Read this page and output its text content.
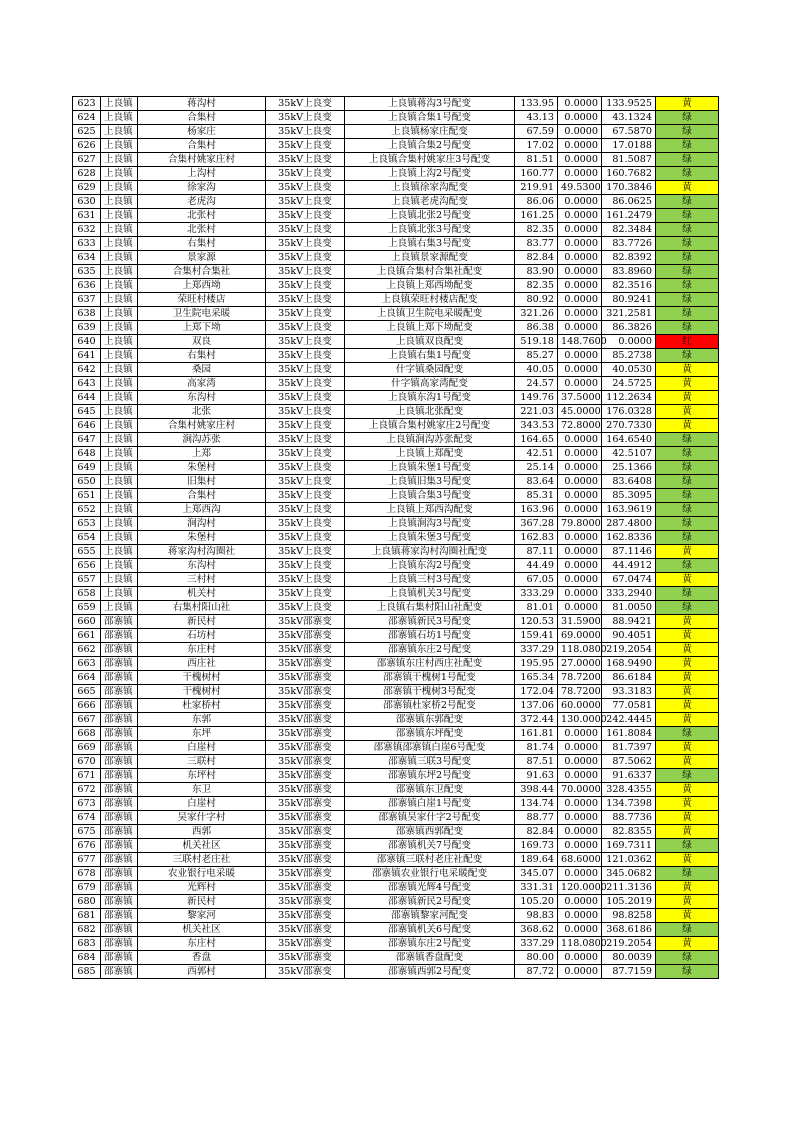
623	上良镇	蒋沟村	35kV上良变	上良镇蒋沟3号配变	133.95	0.0000	133.9525	黄
624	上良镇	合集村	35kV上良变	上良镇合集1号配变	43.13	0.0000	43.1324	绿
625	上良镇	杨家庄	35kV上良变	上良镇杨家庄配变	67.59	0.0000	67.5870	绿
626	上良镇	合集村	35kV上良变	上良镇合集2号配变	17.02	0.0000	17.0188	绿
627	上良镇	合集村姚家庄村	35kV上良变	上良镇合集村姚家庄3号配变	81.51	0.0000	81.5087	绿
628	上良镇	上沟村	35kV上良变	上良镇上沟2号配变	160.77	0.0000	160.7682	绿
629	上良镇	徐家沟	35kV上良变	上良镇徐家沟配变	219.91	49.5300	170.3846	黄
630	上良镇	老虎沟	35kV上良变	上良镇老虎沟配变	86.06	0.0000	86.0625	绿
631	上良镇	北张村	35kV上良变	上良镇北张2号配变	161.25	0.0000	161.2479	绿
632	上良镇	北张村	35kV上良变	上良镇北张3号配变	82.35	0.0000	82.3484	绿
633	上良镇	右集村	35kV上良变	上良镇右集3号配变	83.77	0.0000	83.7726	绿
634	上良镇	景家源	35kV上良变	上良镇景家源配变	82.84	0.0000	82.8392	绿
635	上良镇	合集村合集社	35kV上良变	上良镇合集村合集社配变	83.90	0.0000	83.8960	绿
636	上良镇	上郑西坳	35kV上良变	上良镇上郑西坳配变	82.35	0.0000	82.3516	绿
637	上良镇	荣旺村楼店	35kV上良变	上良镇荣旺村楼店配变	80.92	0.0000	80.9241	绿
638	上良镇	卫生院电采暖	35kV上良变	上良镇卫生院电采暖配变	321.26	0.0000	321.2581	绿
639	上良镇	上郑下坳	35kV上良变	上良镇上郑下坳配变	86.38	0.0000	86.3826	绿
640	上良镇	双良	35kV上良变	上良镇双良配变	519.18	148.7600	0.0000	红
641	上良镇	右集村	35kV上良变	上良镇右集1号配变	85.27	0.0000	85.2738	绿
642	上良镇	桑园	35kV上良变	什字镇桑园配变	40.05	0.0000	40.0530	黄
643	上良镇	高家湾	35kV上良变	什字镇高家湾配变	24.57	0.0000	24.5725	黄
644	上良镇	东沟村	35kV上良变	上良镇东沟1号配变	149.76	37.5000	112.2634	黄
645	上良镇	北张	35kV上良变	上良镇北张配变	221.03	45.0000	176.0328	黄
646	上良镇	合集村姚家庄村	35kV上良变	上良镇合集村姚家庄2号配变	343.53	72.8000	270.7330	黄
647	上良镇	涧沟苏张	35kV上良变	上良镇涧沟苏张配变	164.65	0.0000	164.6540	绿
648	上良镇	上郑	35kV上良变	上良镇上郑配变	42.51	0.0000	42.5107	绿
649	上良镇	朱堡村	35kV上良变	上良镇朱堡1号配变	25.14	0.0000	25.1366	绿
650	上良镇	旧集村	35kV上良变	上良镇旧集3号配变	83.64	0.0000	83.6408	绿
651	上良镇	合集村	35kV上良变	上良镇合集3号配变	85.31	0.0000	85.3095	绿
652	上良镇	上郑西沟	35kV上良变	上良镇上郑西沟配变	163.96	0.0000	163.9619	绿
653	上良镇	涧沟村	35kV上良变	上良镇涧沟3号配变	367.28	79.8000	287.4800	绿
654	上良镇	朱堡村	35kV上良变	上良镇朱堡3号配变	162.83	0.0000	162.8336	绿
655	上良镇	蒋家沟村沟圈社	35kV上良变	上良镇蒋家沟村沟圈社配变	87.11	0.0000	87.1146	黄
656	上良镇	东沟村	35kV上良变	上良镇东沟2号配变	44.49	0.0000	44.4912	绿
657	上良镇	三村村	35kV上良变	上良镇三村3号配变	67.05	0.0000	67.0474	黄
658	上良镇	机关村	35kV上良变	上良镇机关3号配变	333.29	0.0000	333.2940	绿
659	上良镇	右集村阳山社	35kV上良变	上良镇右集村阳山社配变	81.01	0.0000	81.0050	绿
660	邵寨镇	新民村	35kV邵寨变	邵寨镇新民3号配变	120.53	31.5900	88.9421	黄
661	邵寨镇	石坊村	35kV邵寨变	邵寨镇石坊1号配变	159.41	69.0000	90.4051	黄
662	邵寨镇	东庄村	35kV邵寨变	邵寨镇东庄2号配变	337.29	118.0800	219.2054	黄
663	邵寨镇	西庄社	35kV邵寨变	邵寨镇东庄村西庄社配变	195.95	27.0000	168.9490	黄
664	邵寨镇	干槐树村	35kV邵寨变	邵寨镇干槐树1号配变	165.34	78.7200	86.6184	黄
665	邵寨镇	干槐树村	35kV邵寨变	邵寨镇干槐树3号配变	172.04	78.7200	93.3183	黄
666	邵寨镇	杜家桥村	35kV邵寨变	邵寨镇杜家桥2号配变	137.06	60.0000	77.0581	黄
667	邵寨镇	东郭	35kV邵寨变	邵寨镇东郭配变	372.44	130.0000	242.4445	黄
668	邵寨镇	东坪	35kV邵寨变	邵寨镇东坪配变	161.81	0.0000	161.8084	绿
669	邵寨镇	白崖村	35kV邵寨变	邵寨镇邵寨镇白崖6号配变	81.74	0.0000	81.7397	黄
670	邵寨镇	三联村	35kV邵寨变	邵寨镇三联3号配变	87.51	0.0000	87.5062	黄
671	邵寨镇	东坪村	35kV邵寨变	邵寨镇东坪2号配变	91.63	0.0000	91.6337	绿
672	邵寨镇	东卫	35kV邵寨变	邵寨镇东卫配变	398.44	70.0000	328.4355	黄
673	邵寨镇	白崖村	35kV邵寨变	邵寨镇白崖1号配变	134.74	0.0000	134.7398	黄
674	邵寨镇	吴家什字村	35kV邵寨变	邵寨镇吴家什字2号配变	88.77	0.0000	88.7736	黄
675	邵寨镇	西郭	35kV邵寨变	邵寨镇西郭配变	82.84	0.0000	82.8355	黄
676	邵寨镇	机关社区	35kV邵寨变	邵寨镇机关7号配变	169.73	0.0000	169.7311	绿
677	邵寨镇	三联村老庄社	35kV邵寨变	邵寨镇三联村老庄社配变	189.64	68.6000	121.0362	黄
678	邵寨镇	农业银行电采暖	35kV邵寨变	邵寨镇农业银行电采暖配变	345.07	0.0000	345.0682	绿
679	邵寨镇	光辉村	35kV邵寨变	邵寨镇光辉4号配变	331.31	120.0000	211.3136	黄
680	邵寨镇	新民村	35kV邵寨变	邵寨镇新民2号配变	105.20	0.0000	105.2019	黄
681	邵寨镇	黎家河	35kV邵寨变	邵寨镇黎家河配变	98.83	0.0000	98.8258	黄
682	邵寨镇	机关社区	35kV邵寨变	邵寨镇机关6号配变	368.62	0.0000	368.6186	绿
683	邵寨镇	东庄村	35kV邵寨变	邵寨镇东庄2号配变	337.29	118.0800	219.2054	黄
684	邵寨镇	香盘	35kV邵寨变	邵寨镇香盘配变	80.00	0.0000	80.0039	绿
685	邵寨镇	西郭村	35kV邵寨变	邵寨镇西郭2号配变	87.72	0.0000	87.7159	绿
